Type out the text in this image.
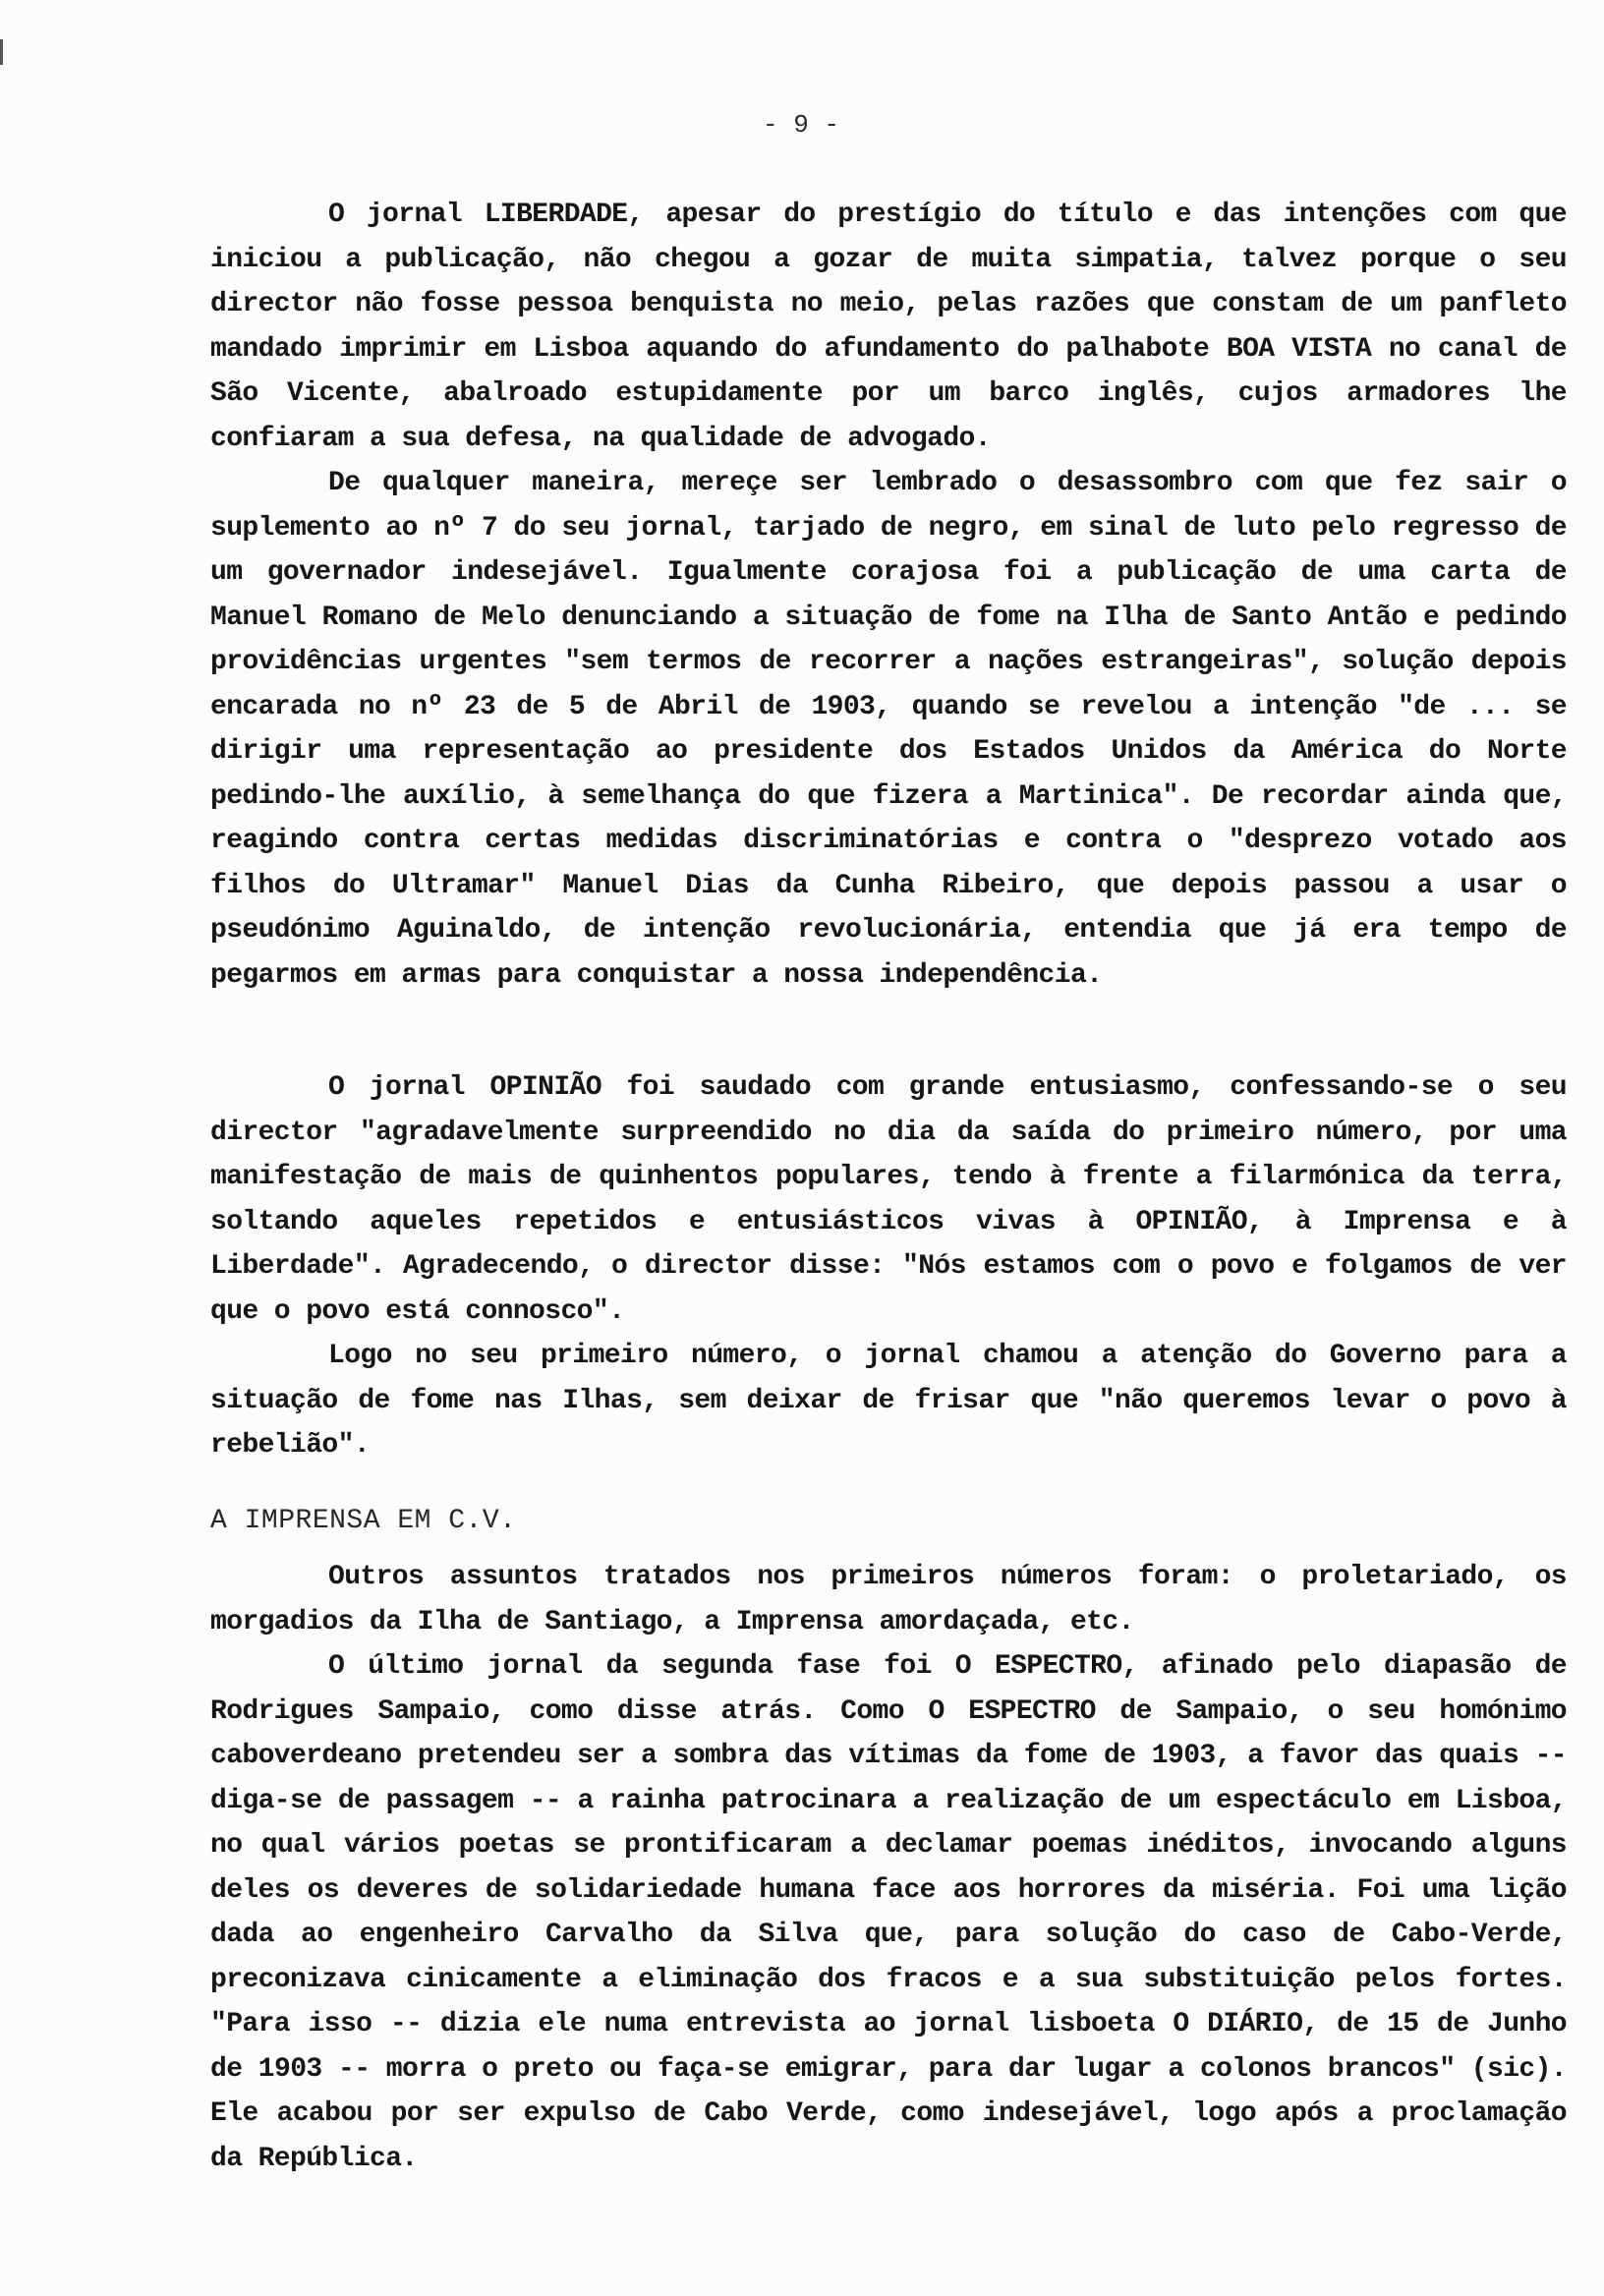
- 9 -

O jornal LIBERDADE, apesar do prestígio do título e das intenções com que iniciou a publicação, não chegou a gozar de muita simpatia, talvez porque o seu director não fosse pessoa benquista no meio, pelas razões que constam de um panfleto mandado imprimir em Lisboa aquando do afundamento do palhabote BOA VISTA no canal de São Vicente, abalroado estupidamente por um barco inglês, cujos armadores lhe confiaram a sua defesa, na qualidade de advogado.

De qualquer maneira, mereçe ser lembrado o desassombro com que fez sair o suplemento ao nº 7 do seu jornal, tarjado de negro, em sinal de luto pelo regresso de um governador indesejável. Igualmente corajosa foi a publicação de uma carta de Manuel Romano de Melo denunciando a situação de fome na Ilha de Santo Antão e pedindo providências urgentes "sem termos de recorrer a nações estrangeiras", solução depois encarada no nº 23 de 5 de Abril de 1903, quando se revelou a intenção "de ... se dirigir uma representação ao presidente dos Estados Unidos da América do Norte pedindo-lhe auxílio, à semelhança do que fizera a Martinica". De recordar ainda que, reagindo contra certas medidas discriminatórias e contra o "desprezo votado aos filhos do Ultramar" Manuel Dias da Cunha Ribeiro, que depois passou a usar o pseudónimo Aguinaldo, de intenção revolucionária, entendia que já era tempo de pegarmos em armas para conquistar a nossa independência.

O jornal OPINIÃO foi saudado com grande entusiasmo, confessando-se o seu director "agradavelmente surpreendido no dia da saída do primeiro número, por uma manifestação de mais de quinhentos populares, tendo à frente a filarmónica da terra, soltando aqueles repetidos e entusiásticos vivas à OPINIÃO, à Imprensa e à Liberdade". Agradecendo, o director disse: "Nós estamos com o povo e folgamos de ver que o povo está connosco".

Logo no seu primeiro número, o jornal chamou a atenção do Governo para a situação de fome nas Ilhas, sem deixar de frisar que "não queremos levar o povo à rebelião".

A IMPRENSA EM C.V.

Outros assuntos tratados nos primeiros números foram: o proletariado, os morgadios da Ilha de Santiago, a Imprensa amordaçada, etc.

O último jornal da segunda fase foi O ESPECTRO, afinado pelo diapasão de Rodrigues Sampaio, como disse atrás. Como O ESPECTRO de Sampaio, o seu homónimo caboverdeano pretendeu ser a sombra das vítimas da fome de 1903, a favor das quais -- diga-se de passagem -- a rainha patrocinara a realização de um espectáculo em Lisboa, no qual vários poetas se prontificaram a declamar poemas inéditos, invocando alguns deles os deveres de solidariedade humana face aos horrores da miséria. Foi uma lição dada ao engenheiro Carvalho da Silva que, para solução do caso de Cabo-Verde, preconizava cinicamente a eliminação dos fracos e a sua substituição pelos fortes. "Para isso -- dizia ele numa entrevista ao jornal lisboeta O DIÁRIO, de 15 de Junho de 1903 -- morra o preto ou faça-se emigrar, para dar lugar a colonos brancos" (sic). Ele acabou por ser expulso de Cabo Verde, como indesejável, logo após a proclamação da República.
